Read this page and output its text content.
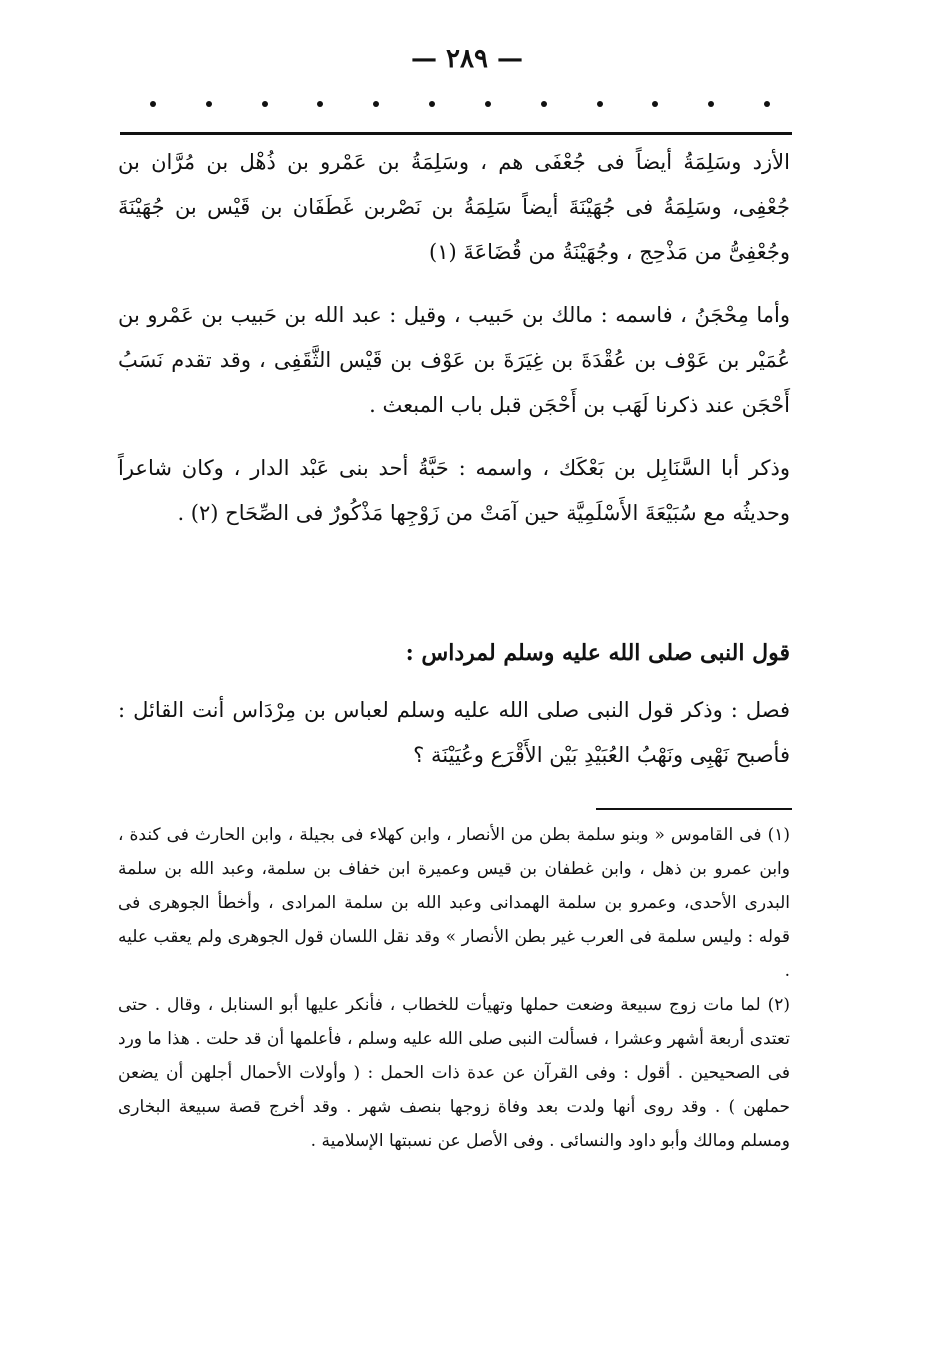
— ٢٨٩ —

الأزد وسَلِمَةُ أيضاً فى جُعْفَى هم ، وسَلِمَةُ بن عَمْرو بن ذُهْل بن مُرَّان بن جُعْفِى، وسَلِمَةُ فى جُهَيْنَةَ أيضاً سَلِمَةُ بن نَصْربن غَطَفَان بن قَيْس بن جُهَيْنَةَ وجُعْفِىُّ من مَذْحِج ، وجُهَيْنَةُ من قُضَاعَةَ (١)

وأما مِحْجَنُ ، فاسمه : مالك بن حَبيب ، وقيل : عبد الله بن حَبيب بن عَمْرو بن عُمَيْر بن عَوْف بن عُقْدَةَ بن غِيَرَةَ بن عَوْف بن قَيْس الثَّقَفِى ، وقد تقدم نَسَبُ أَحْجَن عند ذكرنا لَهَب بن أَحْجَن قبل باب المبعث .

وذكر أبا السَّنَابِل بن بَعْكَك ، واسمه : حَبَّةُ أحد بنى عَبْد الدار ، وكان شاعراً وحديثُه مع سُبَيْعَةَ الأَسْلَمِيَّة حين آمَتْ من زَوْجِها مَذْكُورٌ فى الصِّحَاح (٢) .

قول النبى صلى الله عليه وسلم لمرداس :

فصل : وذكر قول النبى صلى الله عليه وسلم لعباس بن مِرْدَاس أنت القائل : فأصبح نَهْبِى ونَهْبُ العُبَيْدِ بَيْن الأَقْرَع وعُيَيْنَة ؟

(١) فى القاموس « وبنو سلمة بطن من الأنصار ، وابن كهلاء فى بجيلة ، وابن الحارث فى كندة ، وابن عمرو بن ذهل ، وابن غطفان بن قيس وعميرة ابن خفاف بن سلمة، وعبد الله بن سلمة البدرى الأحدى، وعمرو بن سلمة الهمدانى وعبد الله بن سلمة المرادى ، وأخطأ الجوهرى فى قوله : وليس سلمة فى العرب غير بطن الأنصار » وقد نقل اللسان قول الجوهرى ولم يعقب عليه .

(٢) لما مات زوج سبيعة وضعت حملها وتهيأت للخطاب ، فأنكر عليها أبو السنابل ، وقال . حتى تعتدى أربعة أشهر وعشرا ، فسألت النبى صلى الله عليه وسلم ، فأعلمها أن قد حلت . هذا ما ورد فى الصحيحين . أقول : وفى القرآن عن عدة ذات الحمل : ( وأولات الأحمال أجلهن أن يضعن حملهن ) . وقد روى أنها ولدت بعد وفاة زوجها بنصف شهر . وقد أخرج قصة سبيعة البخارى ومسلم ومالك وأبو داود والنسائى . وفى الأصل عن نسبتها الإسلامية .
